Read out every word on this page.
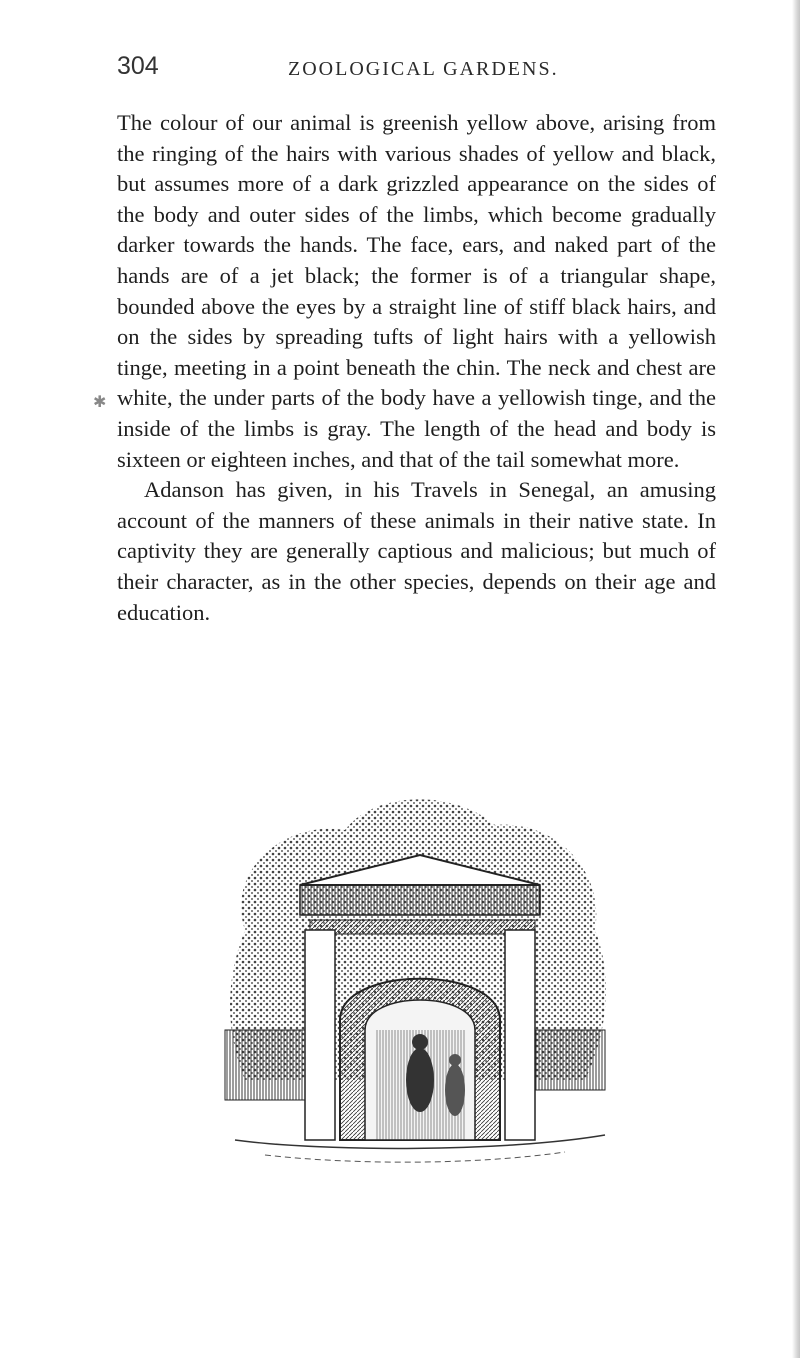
304	ZOOLOGICAL GARDENS.
✱

The colour of our animal is greenish yellow above, arising from the ringing of the hairs with various shades of yellow and black, but assumes more of a dark grizzled appearance on the sides of the body and outer sides of the limbs, which become gradually darker towards the hands. The face, ears, and naked part of the hands are of a jet black; the former is of a triangular shape, bounded above the eyes by a straight line of stiff black hairs, and on the sides by spreading tufts of light hairs with a yellowish tinge, meeting in a point beneath the chin. The neck and chest are white, the under parts of the body have a yellowish tinge, and the inside of the limbs is gray. The length of the head and body is sixteen or eighteen inches, and that of the tail somewhat more.

Adanson has given, in his Travels in Senegal, an amusing account of the manners of these animals in their native state. In captivity they are generally captious and malicious; but much of their character, as in the other species, depends on their age and education.
